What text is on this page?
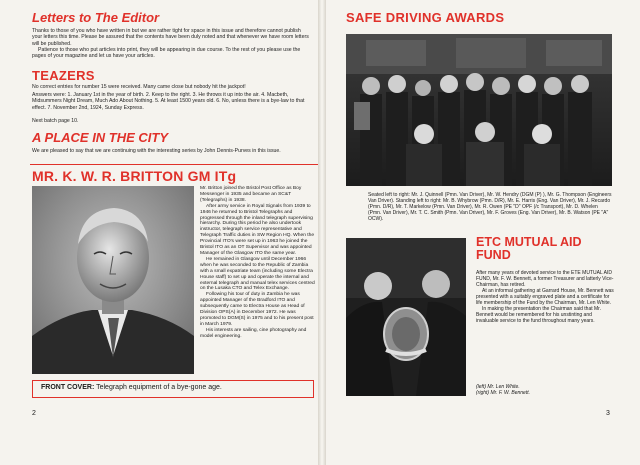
Letters to The Editor

Thanks to those of you who have written in but we are rather tight for space in this issue and therefore cannot publish your letters this time. Please be assured that the contents have been duly noted and that whenever we have room letters will be published.

Patience to those who put articles into print, they will be appearing in due course. To the rest of you please use the pages of your magazine and let us have your articles.

TEAZERS

No correct entries for number 15 were received. Many came close but nobody hit the jackpot!

Answers were: 1. January 1st in the year of birth. 2. Keep to the right. 3. He throws it up into the air. 4. Macbeth, Midsummers Night Dream, Much Ado About Nothing. 5. At least 1500 years old. 6. No, unless there is a bye-law to that effect. 7. November 2nd, 1924, Sunday Express.

Next batch page 10.

A PLACE IN THE CITY

We are pleased to say that we are continuing with the interesting series by John Dennis-Purves in this issue.

MR. K. W. R. BRITTON GM ITg

Mr. Britton joined the Bristol Post Office as Boy Messenger in 1935 and became an SC&T (Telegraphs) in 1938.

After army service in Royal Signals from 1939 to 1946 he returned to Bristol Telegraphs and progressed through the inland telegraph supervising hierarchy. During this period he also undertook instructor, telegraph service representative and Telegraph Traffic duties in SW Region HQ. When the Provincial ITO's were set up in 1963 he joined the Bristol ITO as an OT Supervisor and was appointed Manager of the Glasgow ITO the same year.

He remained in Glasgow until December 1966 when he was seconded to the Republic of Zambia with a small expatriate team (including some Electra House staff) to set up and operate the internal and external telegraph and manual telex services centred on the Lusaka CTO and Telex Exchange.

Following his tour of duty in Zambia he was appointed Manager of the Bradford ITO and subsequently came to Electra House as Head of Division OPS(A) in December 1972. He was promoted to DGM(S) in 1975 and to his present post in March 1979.

His interests are sailing, cine photography and model engineering.

FRONT COVER: Telegraph equipment of a bye-gone age.
2
SAFE DRIVING AWARDS

Seated left to right: Mr. J. Quinnell (Pmn. Van Driver), Mr. W. Hendry (DGM (P) ), Mr. G. Thompson (Engineers Van Driver). Standing left to right: Mr. B. Whybrow (Pmn. D/R), Mr. E. Harris (Eng. Van Driver), Mr. J. Recardo (Pmn. D/R), Mr. T. Markelow (Pmn. Van Driver), Mr. R. Owen (PE "D" OPF (/c Transport), Mr. D. Whelen (Pmn. Van Driver), Mr. T. C. Smith (Pmn. Van Driver), Mr. F. Groves (Eng. Van Driver), Mr. B. Watson (PE "A" OCW).

ETC MUTUAL AID FUND

After many years of devoted service to the ETE MUTUAL AID FUND, Mr. F. W. Bennett, a former Treasurer and latterly Vice-Chairman, has retired.

At an informal gathering at Garrard House, Mr. Bennett was presented with a suitably engraved plate and a certificate for life membership of the Fund by the Chairman, Mr. Len White.

In making the presentation the Chairman said that Mr. Bennett would be remembered for his unstinting and invaluable service to the fund throughout many years.

(left) Mr. Len White.
(right) Mr. F. W. Bennett.
3
